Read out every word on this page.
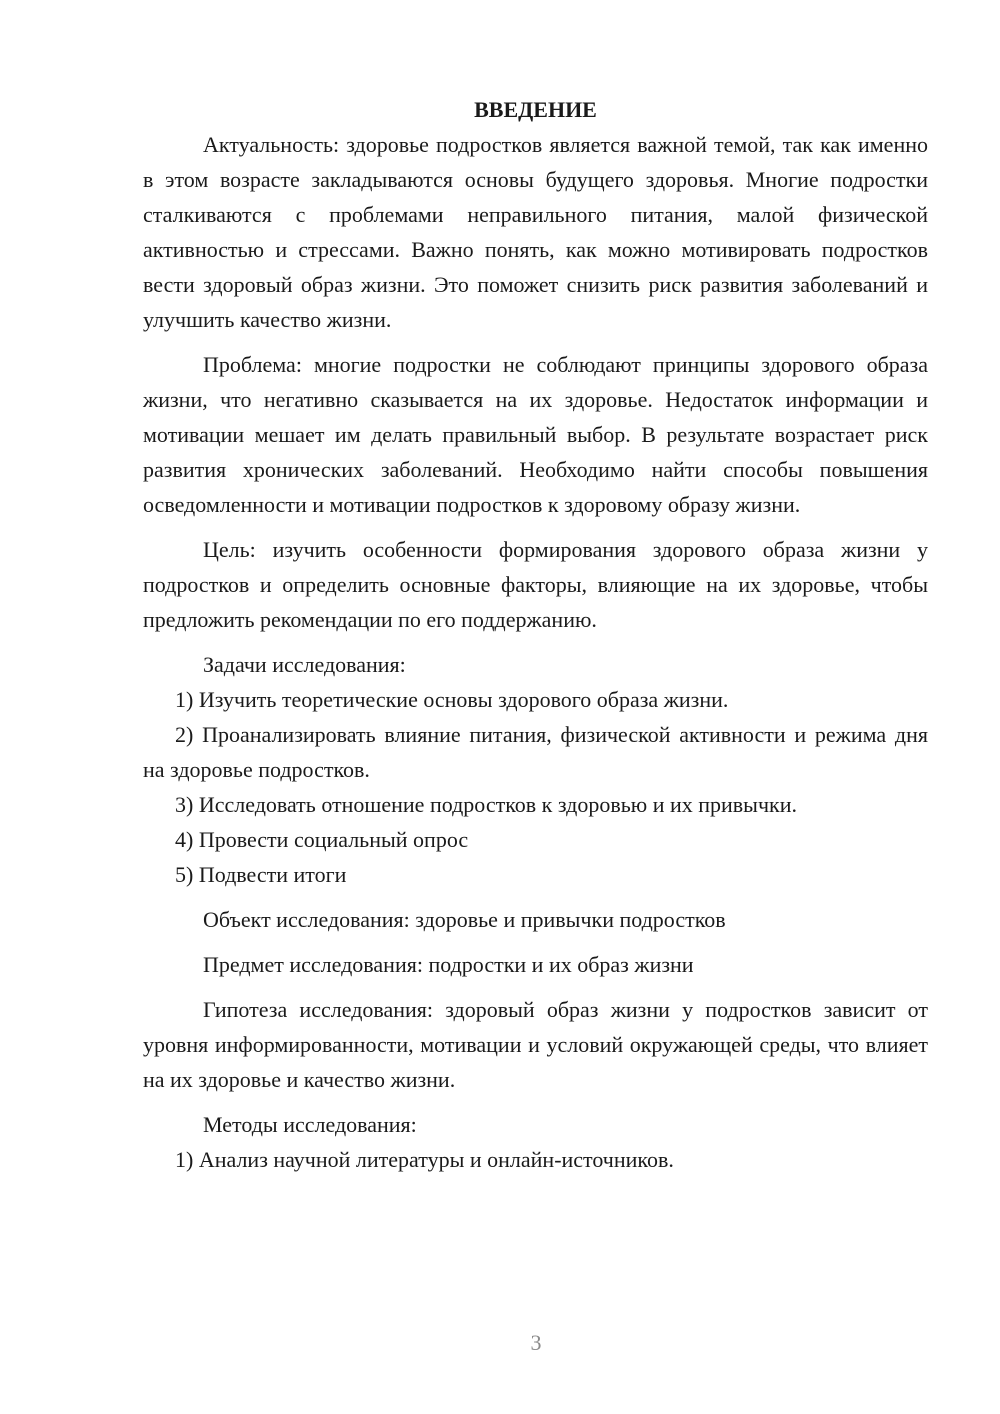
ВВЕДЕНИЕ

Актуальность: здоровье подростков является важной темой, так как именно в этом возрасте закладываются основы будущего здоровья. Многие подростки сталкиваются с проблемами неправильного питания, малой физической активностью и стрессами. Важно понять, как можно мотивировать подростков вести здоровый образ жизни. Это поможет снизить риск развития заболеваний и улучшить качество жизни.

Проблема: многие подростки не соблюдают принципы здорового образа жизни, что негативно сказывается на их здоровье. Недостаток информации и мотивации мешает им делать правильный выбор. В результате возрастает риск развития хронических заболеваний. Необходимо найти способы повышения осведомленности и мотивации подростков к здоровому образу жизни.

Цель: изучить особенности формирования здорового образа жизни у подростков и определить основные факторы, влияющие на их здоровье, чтобы предложить рекомендации по его поддержанию.

Задачи исследования:

1) Изучить теоретические основы здорового образа жизни.

2) Проанализировать влияние питания, физической активности и режима дня на здоровье подростков.

3) Исследовать отношение подростков к здоровью и их привычки.

4) Провести социальный опрос

5) Подвести итоги

Объект исследования: здоровье и привычки подростков

Предмет исследования: подростки и их образ жизни

Гипотеза исследования: здоровый образ жизни у подростков зависит от уровня информированности, мотивации и условий окружающей среды, что влияет на их здоровье и качество жизни.

Методы исследования:

1) Анализ научной литературы и онлайн-источников.

3
